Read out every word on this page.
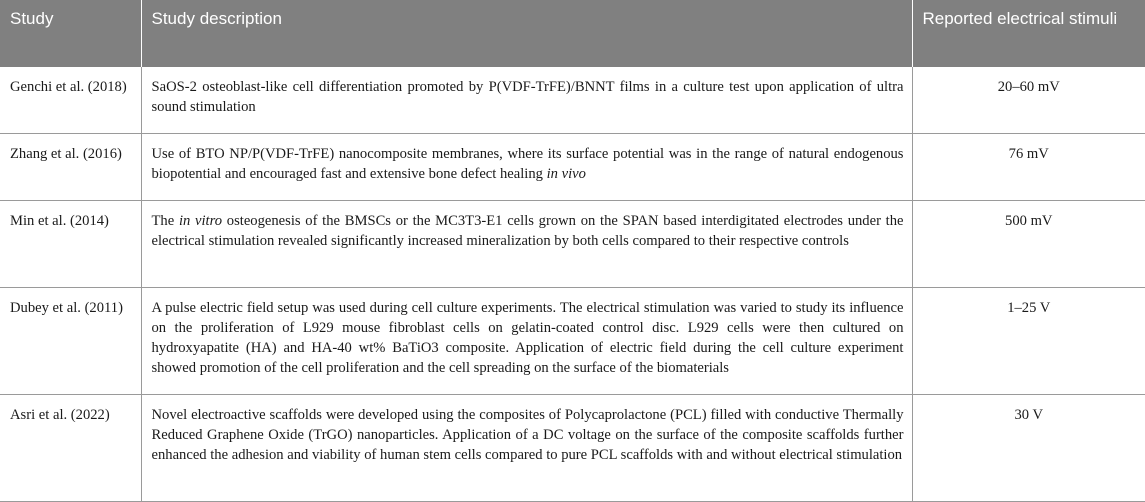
Study	Study description	Reported electrical stimuli
Genchi et al. (2018)	SaOS-2 osteoblast-like cell differentiation promoted by P(VDF-TrFE)/BNNT films in a culture test upon application of ultra sound stimulation	20–60 mV
Zhang et al. (2016)	Use of BTO NP/P(VDF-TrFE) nanocomposite membranes, where its surface potential was in the range of natural endogenous biopotential and encouraged fast and extensive bone defect healing in vivo	76 mV
Min et al. (2014)	The in vitro osteogenesis of the BMSCs or the MC3T3-E1 cells grown on the SPAN based interdigitated electrodes under the electrical stimulation revealed significantly increased mineralization by both cells compared to their respective controls	500 mV
Dubey et al. (2011)	A pulse electric field setup was used during cell culture experiments. The electrical stimulation was varied to study its influence on the proliferation of L929 mouse fibroblast cells on gelatin-coated control disc. L929 cells were then cultured on hydroxyapatite (HA) and HA-40 wt% BaTiO3 composite. Application of electric field during the cell culture experiment showed promotion of the cell proliferation and the cell spreading on the surface of the biomaterials	1–25 V
Asri et al. (2022)	Novel electroactive scaffolds were developed using the composites of Polycaprolactone (PCL) filled with conductive Thermally Reduced Graphene Oxide (TrGO) nanoparticles. Application of a DC voltage on the surface of the composite scaffolds further enhanced the adhesion and viability of human stem cells compared to pure PCL scaffolds with and without electrical stimulation	30 V
